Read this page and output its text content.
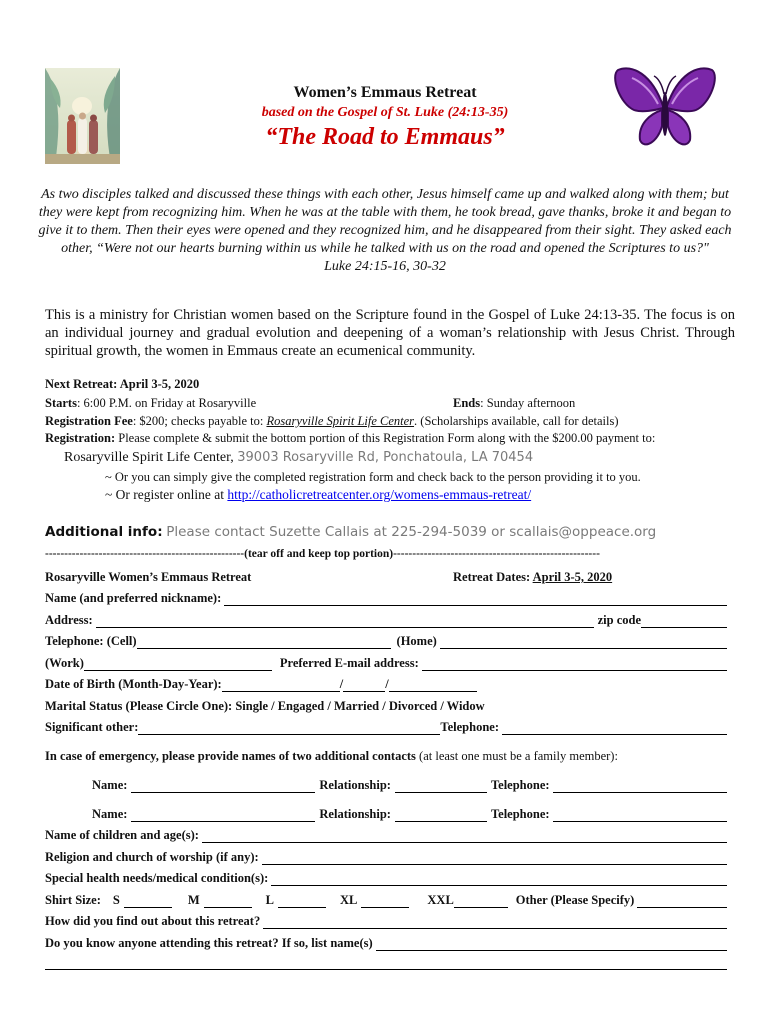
Women’s Emmaus Retreat
based on the Gospel of St. Luke (24:13-35)
“The Road to Emmaus”
As two disciples talked and discussed these things with each other, Jesus himself came up and walked along with them; but they were kept from recognizing him. When he was at the table with them, he took bread, gave thanks, broke it and began to give it to them. Then their eyes were opened and they recognized him, and he disappeared from their sight. They asked each other, “Were not our hearts burning within us while he talked with us on the road and opened the Scriptures to us?"
Luke 24:15-16, 30-32
This is a ministry for Christian women based on the Scripture found in the Gospel of Luke 24:13-35. The focus is on an individual journey and gradual evolution and deepening of a woman’s relationship with Jesus Christ. Through spiritual growth, the women in Emmaus create an ecumenical community.
Next Retreat: April 3-5, 2020
Starts: 6:00 P.M. on Friday at Rosaryville	Ends: Sunday afternoon
Registration Fee: $200; checks payable to: Rosaryville Spirit Life Center. (Scholarships available, call for details)
Registration: Please complete & submit the bottom portion of this Registration Form along with the $200.00 payment to:
Rosaryville Spirit Life Center, 39003 Rosaryville Rd, Ponchatoula, LA 70454
~ Or you can simply give the completed registration form and check back to the person providing it to you.
~ Or register online at http://catholicretreatcenter.org/womens-emmaus-retreat/
Additional info: Please contact Suzette Callais at 225-294-5039 or scallais@oppeace.org
----------------------------------------------------(tear off and keep top portion)------------------------------------------------------
Rosaryville Women’s Emmaus Retreat	Retreat Dates: April 3-5, 2020
Name (and preferred nickname):
Address:	zip code
Telephone: (Cell)	(Home)
(Work)	Preferred E-mail address:
Date of Birth (Month-Day-Year):	/	/
Marital Status (Please Circle One): Single / Engaged / Married / Divorced / Widow
Significant other:	Telephone:
In case of emergency, please provide names of two additional contacts (at least one must be a family member):
Name:	Relationship:	Telephone:
Name:	Relationship:	Telephone:
Name of children and age(s):
Religion and church of worship (if any):
Special health needs/medical condition(s):
Shirt Size: S	M	L	XL	XXL	Other (Please Specify)
How did you find out about this retreat?
Do you know anyone attending this retreat? If so, list name(s)
